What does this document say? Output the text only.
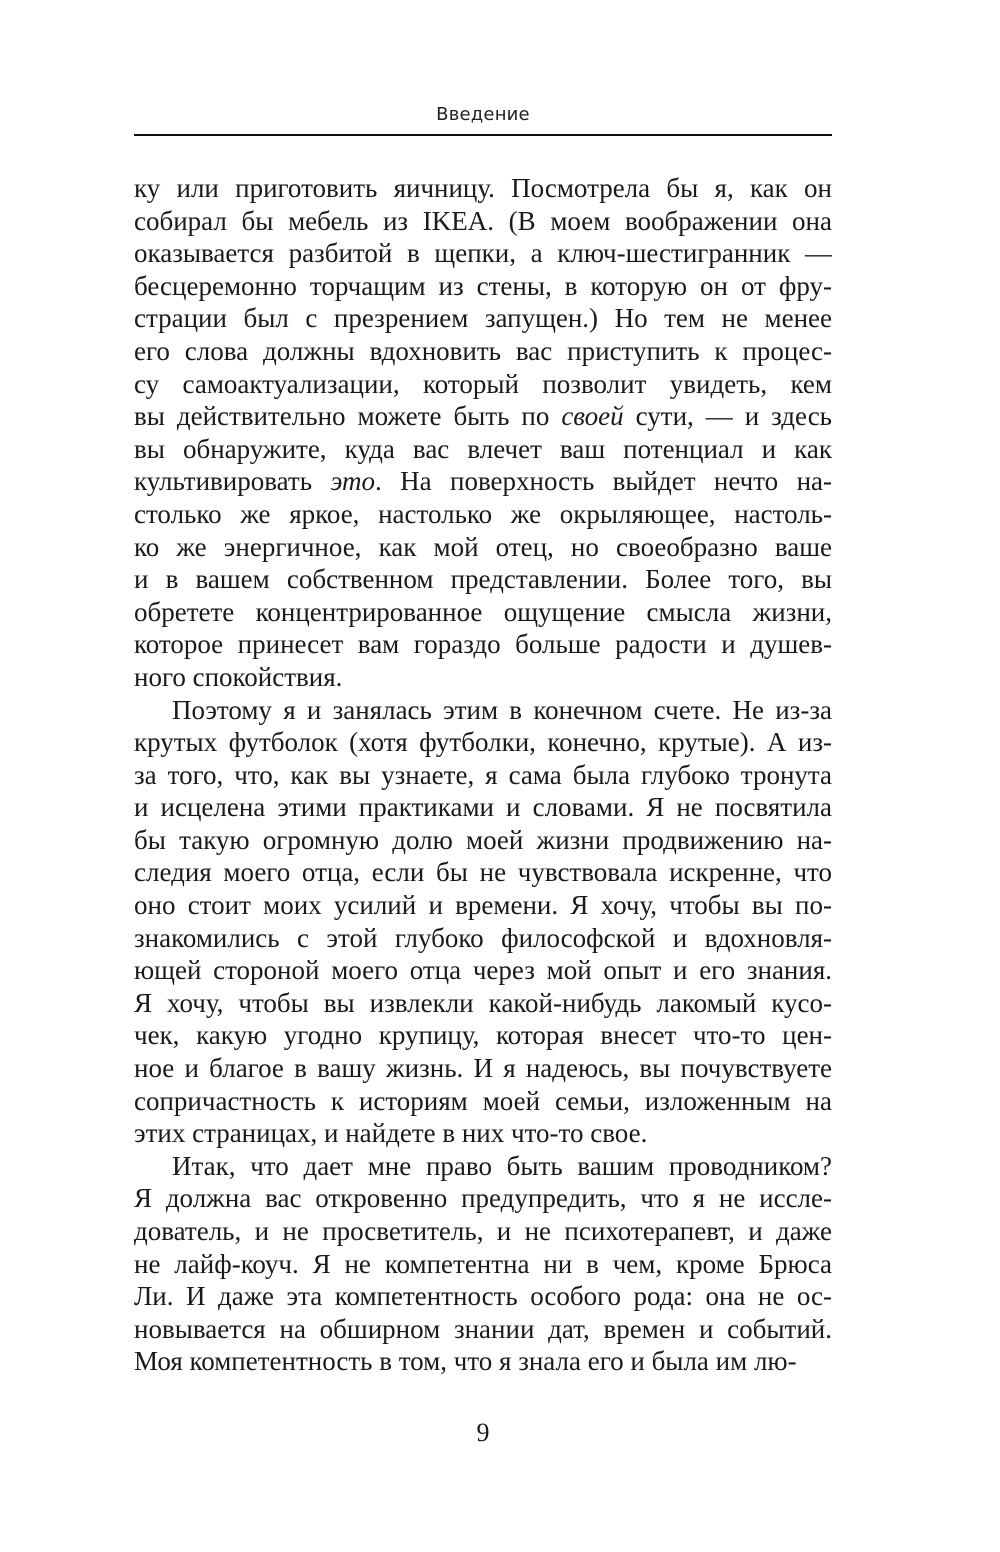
Введение
ку или приготовить яичницу. Посмотрела бы я, как он
собирал бы мебель из IKEA. (В моем воображении она
оказывается разбитой в щепки, а ключ-шестигранник —
бесцеремонно торчащим из стены, в которую он от фру-
страции был с презрением запущен.) Но тем не менее
его слова должны вдохновить вас приступить к процес-
су самоактуализации, который позволит увидеть, кем
вы действительно можете быть по своей сути, — и здесь
вы обнаружите, куда вас влечет ваш потенциал и как
культивировать это. На поверхность выйдет нечто на-
столько же яркое, настолько же окрыляющее, настоль-
ко же энергичное, как мой отец, но своеобразно ваше
и в вашем собственном представлении. Более того, вы
обретете концентрированное ощущение смысла жизни,
которое принесет вам гораздо больше радости и душев-
ного спокойствия.
Поэтому я и занялась этим в конечном счете. Не из-за
крутых футболок (хотя футболки, конечно, крутые). А из-
за того, что, как вы узнаете, я сама была глубоко тронута
и исцелена этими практиками и словами. Я не посвятила
бы такую огромную долю моей жизни продвижению на-
следия моего отца, если бы не чувствовала искренне, что
оно стоит моих усилий и времени. Я хочу, чтобы вы по-
знакомились с этой глубоко философской и вдохновля-
ющей стороной моего отца через мой опыт и его знания.
Я хочу, чтобы вы извлекли какой-нибудь лакомый кусо-
чек, какую угодно крупицу, которая внесет что-то цен-
ное и благое в вашу жизнь. И я надеюсь, вы почувствуете
сопричастность к историям моей семьи, изложенным на
этих страницах, и найдете в них что-то свое.
Итак, что дает мне право быть вашим проводником?
Я должна вас откровенно предупредить, что я не иссле-
дователь, и не просветитель, и не психотерапевт, и даже
не лайф-коуч. Я не компетентна ни в чем, кроме Брюса
Ли. И даже эта компетентность особого рода: она не ос-
новывается на обширном знании дат, времен и событий.
Моя компетентность в том, что я знала его и была им лю-
9
